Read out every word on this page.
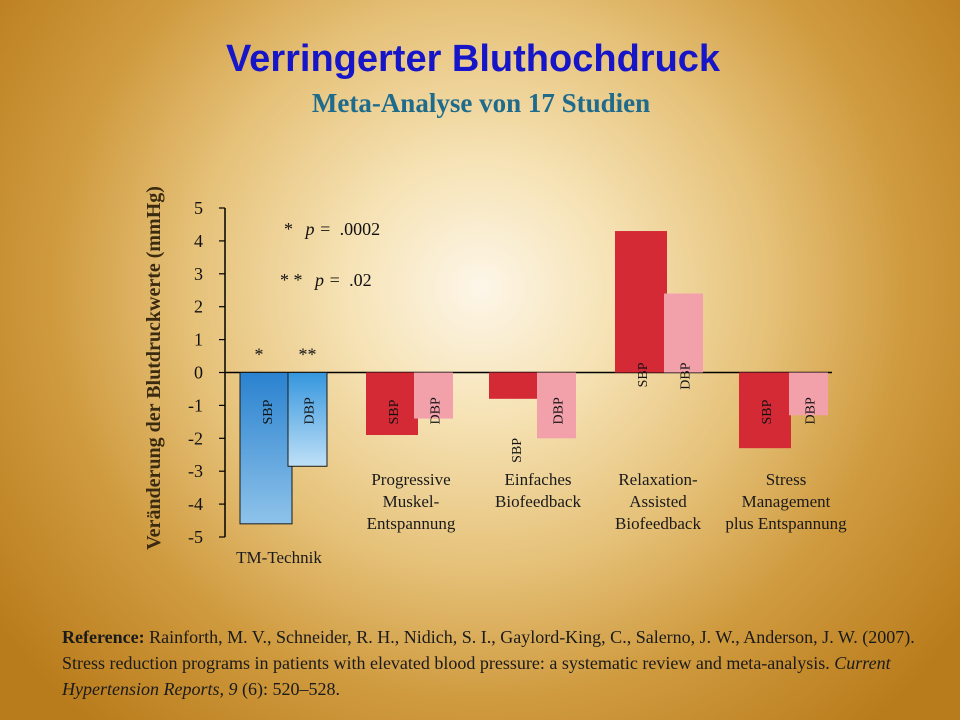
Verringerter Bluthochdruck
Meta-Analyse von 17 Studien
5
4
3
2
1
0
-1
-2
-3
-4
-5
SBP
*
DBP
**
SBP DBP
SBP
DBP
SBP DBP
SBP DBP
TM-Technik
Progressive
Muskel-
Entspannung
Einfaches
Biofeedback
Relaxation-
Assisted
Biofeedback
Stress
Management
plus Entspannung
Veränderung der Blutdruckwerte (mmHg)	* p = .0002
* * p = .02

Reference: Rainforth, M. V., Schneider, R. H., Nidich, S. I., Gaylord-King, C., Salerno, J. W., Anderson, J. W. (2007). Stress reduction programs in patients with elevated blood pressure: a systematic review and meta-analysis. Current Hypertension Reports, 9 (6): 520–528.
